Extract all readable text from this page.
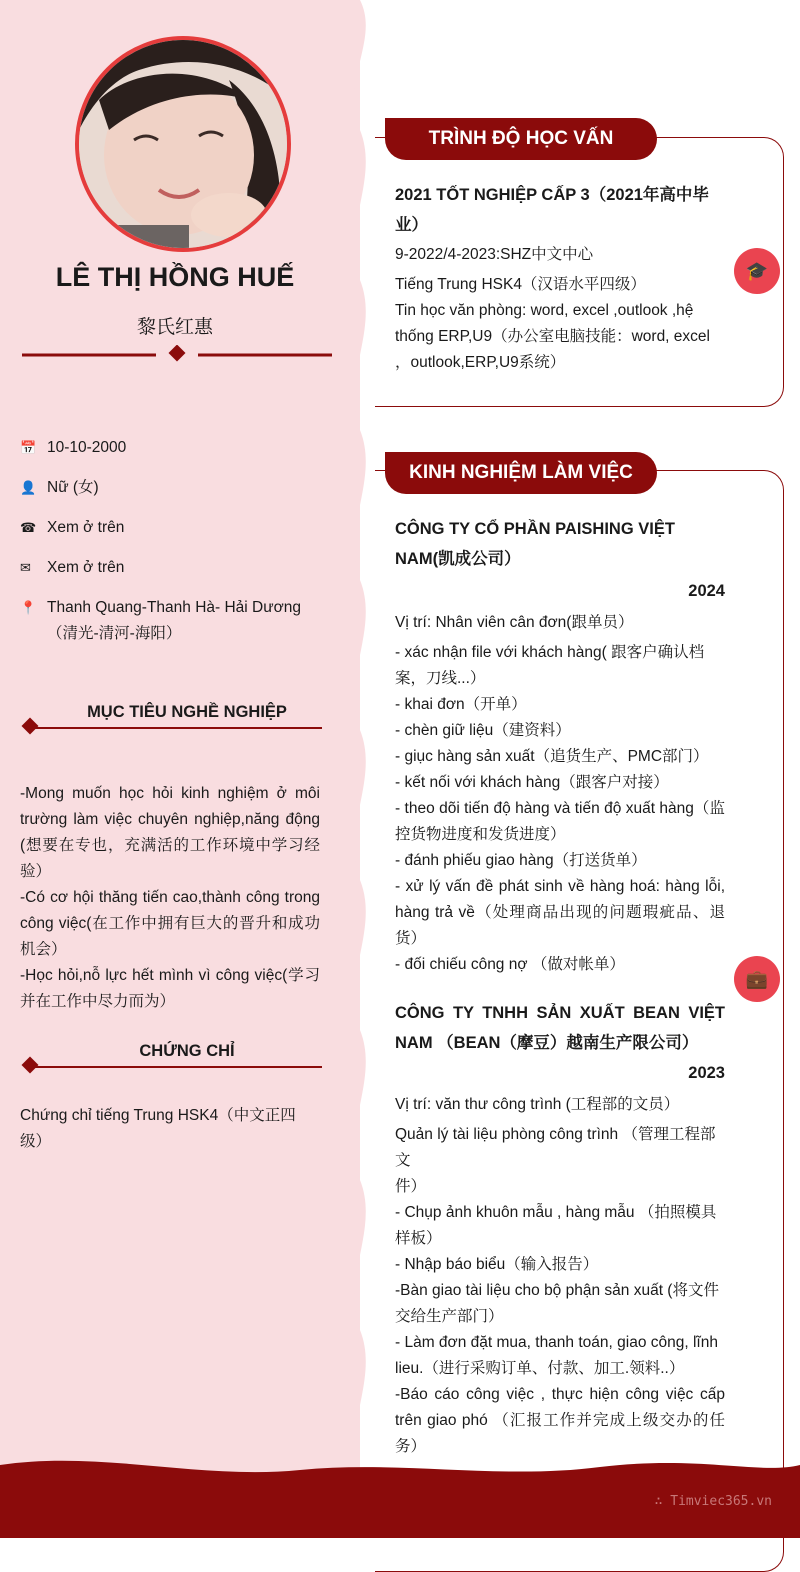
LÊ THỊ HỒNG HUẾ
黎氏红惠
📅 10-10-2000
👤 Nữ (女)
☎ Xem ở trên
✉	Xem ở trên
📍 Thanh Quang-Thanh Hà- Hải Dương
（清光-清河-海阳）
MỤC TIÊU NGHỀ NGHIỆP

-Mong muốn học hỏi kinh nghiệm ở môi trường làm việc chuyên nghiệp,năng động (想要在专也，充满活的工作环境中学习经验）

-Có cơ hội thăng tiến cao,thành công trong công việc(在工作中拥有巨大的晋升和成功机会）

-Học hỏi,nỗ lực hết mình vì công việc(学习并在工作中尽力而为）

CHỨNG CHỈ
Chứng chỉ tiếng Trung HSK4（中文正四级）
TRÌNH ĐỘ HỌC VẤN
🎓

2021 TỐT NGHIỆP CẤP 3（2021年高中毕业）

9-2022/4-2023:SHZ中文中心

Tiếng Trung HSK4（汉语水平四级）

Tin học văn phòng: word, excel ,outlook ,hệ thống ERP,U9（办公室电脑技能：word, excel ，outlook,ERP,U9系统）

KINH NGHIỆM LÀM VIỆC
💼

CÔNG TY CỔ PHẦN PAISHING VIỆT NAM(凯成公司）

2024

Vị trí: Nhân viên cân đơn(跟单员）

- xác nhận file với khách hàng( 跟客户确认档案，刀线...）

- khai đơn（开单）

- chèn giữ liệu（建资料）

- giục hàng sản xuất（追货生产、PMC部门）

- kết nối với khách hàng（跟客户对接）

- theo dõi tiến độ hàng và tiến độ xuất hàng（监控货物进度和发货进度）

- đánh phiếu giao hàng（打送货单）

- xử lý vấn đề phát sinh về hàng hoá: hàng lỗi, hàng trả về（处理商品出现的问题瑕疵品、退货）

- đối chiếu công nợ （做对帐单）

CÔNG TY TNHH SẢN XUẤT BEAN VIỆT NAM （BEAN（摩豆）越南生产限公司）

2023

Vị trí: văn thư công trình (工程部的文员）

Quản lý tài liệu phòng công trình （管理工程部文

件）

- Chụp ảnh khuôn mẫu , hàng mẫu （拍照模具样板）

- Nhập báo biểu（输入报告）

-Bàn giao tài liệu cho bộ phận sản xuất (将文件交给生产部门）

- Làm đơn đặt mua, thanh toán, giao công, lĩnh lieu.（进行采购订单、付款、加工.领料..）

-Báo cáo công việc , thực hiện công việc cấp trên giao phó （汇报工作并完成上级交办的任务）

∴ Timviec365.vn
